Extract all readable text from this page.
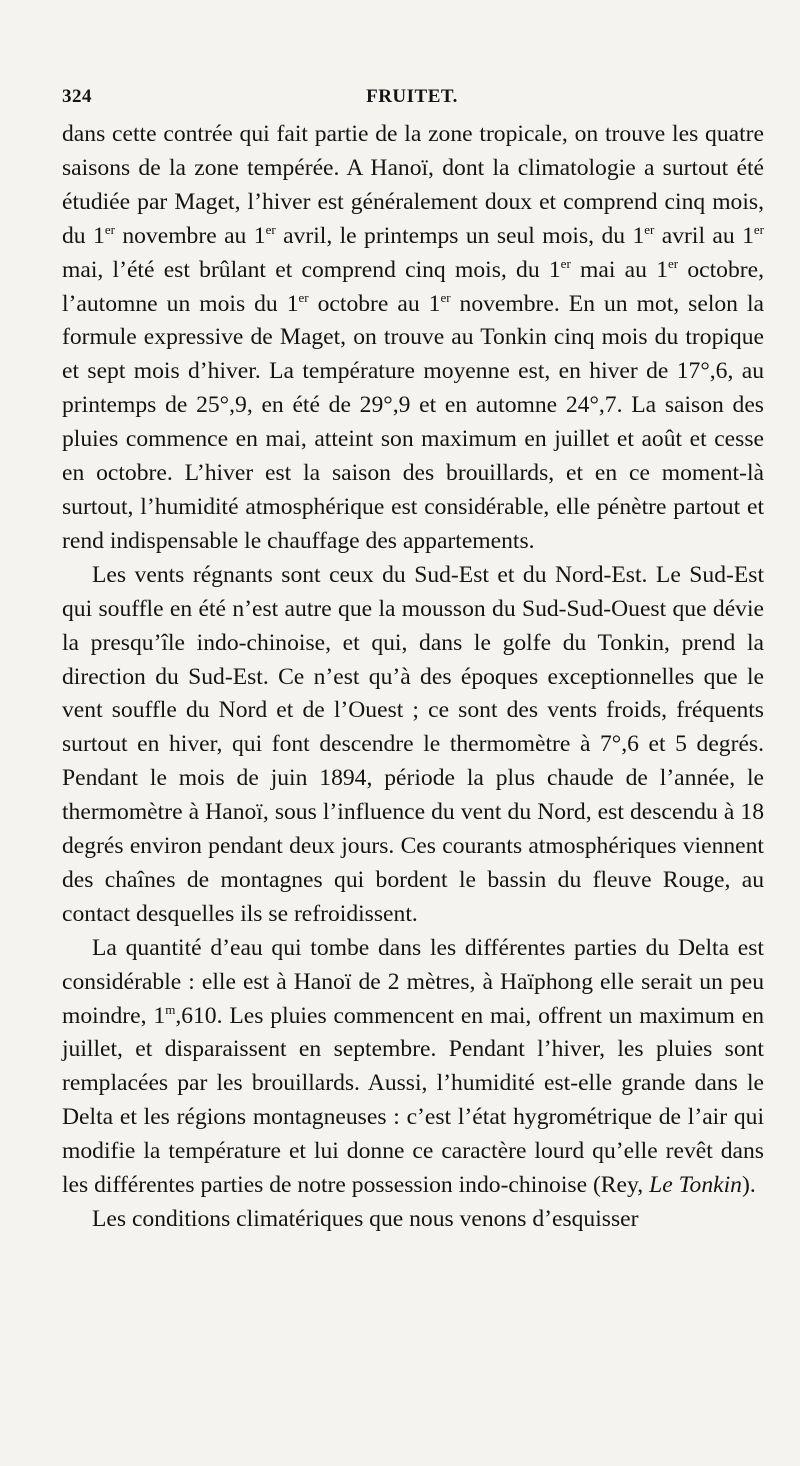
324	FRUITET.

dans cette contrée qui fait partie de la zone tropicale, on trouve les quatre saisons de la zone tempérée. A Hanoï, dont la climatologie a surtout été étudiée par Maget, l’hiver est généralement doux et comprend cinq mois, du 1er novembre au 1er avril, le printemps un seul mois, du 1er avril au 1er mai, l’été est brûlant et comprend cinq mois, du 1er mai au 1er octobre, l’automne un mois du 1er octobre au 1er novembre. En un mot, selon la formule expressive de Maget, on trouve au Tonkin cinq mois du tropique et sept mois d’hiver. La température moyenne est, en hiver de 17°,6, au printemps de 25°,9, en été de 29°,9 et en automne 24°,7. La saison des pluies commence en mai, atteint son maximum en juillet et août et cesse en octobre. L’hiver est la saison des brouillards, et en ce moment-là surtout, l’humidité atmosphérique est considérable, elle pénètre partout et rend indispensable le chauffage des appartements.

Les vents régnants sont ceux du Sud-Est et du Nord-Est. Le Sud-Est qui souffle en été n’est autre que la mousson du Sud-Sud-Ouest que dévie la presqu’île indo-chinoise, et qui, dans le golfe du Tonkin, prend la direction du Sud-Est. Ce n’est qu’à des époques exceptionnelles que le vent souffle du Nord et de l’Ouest ; ce sont des vents froids, fréquents surtout en hiver, qui font descendre le thermomètre à 7°,6 et 5 degrés. Pendant le mois de juin 1894, période la plus chaude de l’année, le thermomètre à Hanoï, sous l’influence du vent du Nord, est descendu à 18 degrés environ pendant deux jours. Ces courants atmosphériques viennent des chaînes de montagnes qui bordent le bassin du fleuve Rouge, au contact desquelles ils se refroidissent.

La quantité d’eau qui tombe dans les différentes parties du Delta est considérable : elle est à Hanoï de 2 mètres, à Haïphong elle serait un peu moindre, 1$^m$,610. Les pluies commencent en mai, offrent un maximum en juillet, et disparaissent en septembre. Pendant l’hiver, les pluies sont remplacées par les brouillards. Aussi, l’humidité est-elle grande dans le Delta et les régions montagneuses : c’est l’état hygrométrique de l’air qui modifie la température et lui donne ce caractère lourd qu’elle revêt dans les différentes parties de notre possession indo-chinoise (Rey, Le Tonkin).

Les conditions climatériques que nous venons d’esquisser
